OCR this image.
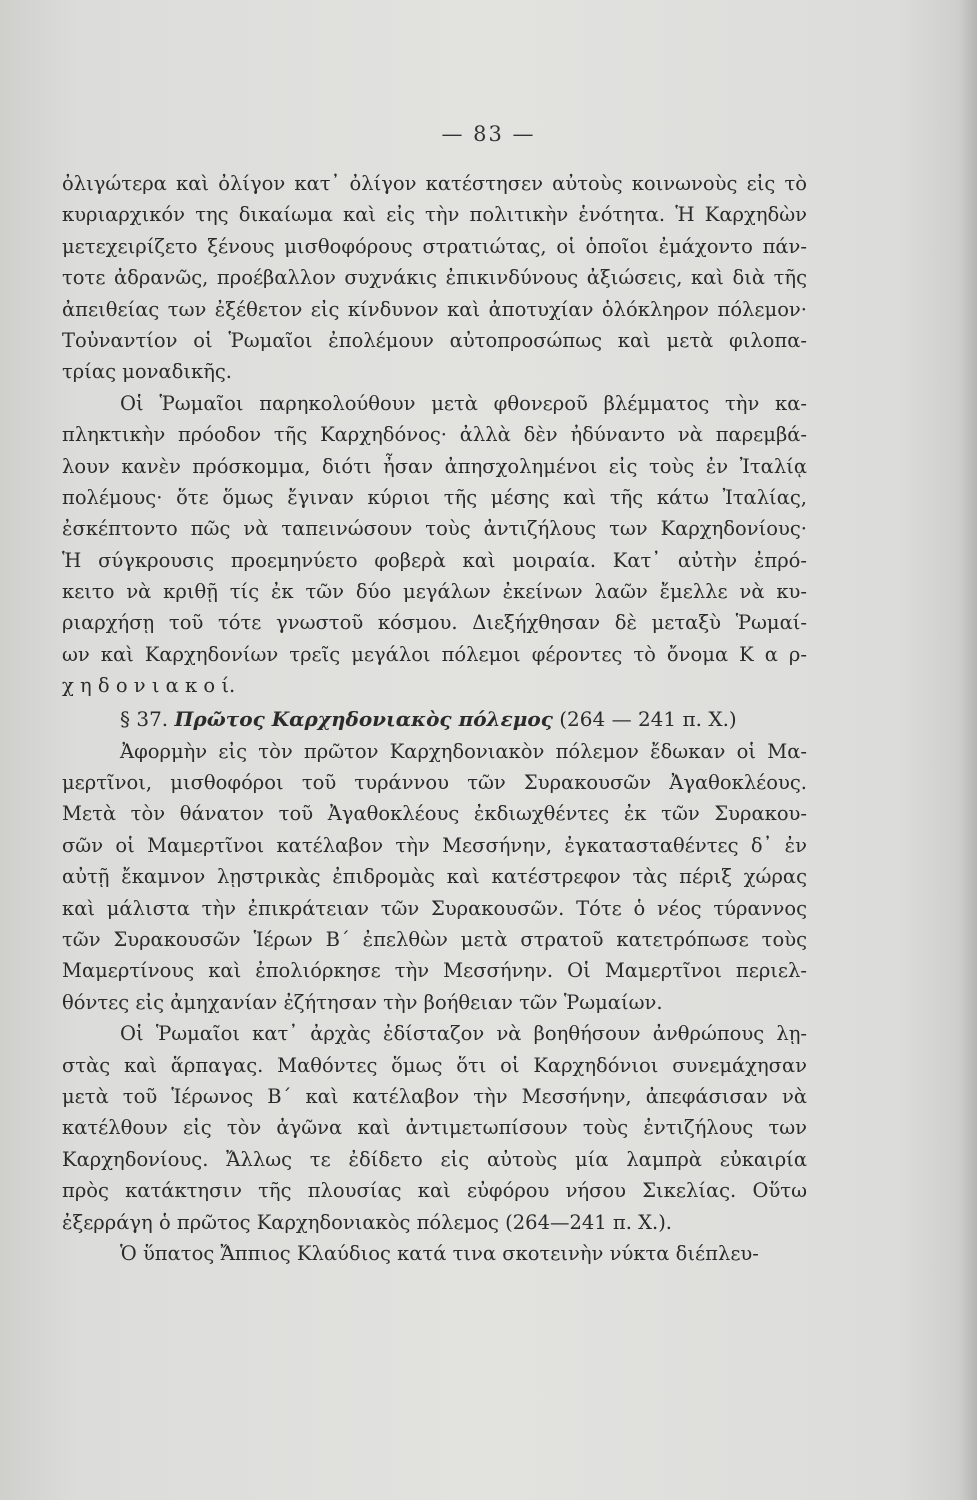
— 83 —
ὀλιγώτερα καὶ ὀλίγον κατ᾿ ὀλίγον κατέστησεν αὐτοὺς κοινωνοὺς εἰς τὸ
κυριαρχικόν της δικαίωμα καὶ εἰς τὴν πολιτικὴν ἑνότητα. Ἡ Καρχηδὼν
μετεχειρίζετο ξένους μισθοφόρους στρατιώτας, οἱ ὁποῖοι ἐμάχοντο πάν-
τοτε ἀδρανῶς, προέβαλλον συχνάκις ἐπικινδύνους ἀξιώσεις, καὶ διὰ τῆς
ἀπειθείας των ἐξέθετον εἰς κίνδυνον καὶ ἀποτυχίαν ὁλόκληρον πόλεμον·
Τοὐναντίον οἱ Ῥωμαῖοι ἐπολέμουν αὐτοπροσώπως καὶ μετὰ φιλοπα-
τρίας μοναδικῆς.
Οἱ Ῥωμαῖοι παρηκολούθουν μετὰ φθονεροῦ βλέμματος τὴν κα-
πληκτικὴν πρόοδον τῆς Καρχηδόνος· ἀλλὰ δὲν ἠδύναντο νὰ παρεμβά-
λουν κανὲν πρόσκομμα, διότι ἦσαν ἀπησχολημένοι εἰς τοὺς ἐν Ἰταλίᾳ
πολέμους· ὅτε ὅμως ἔγιναν κύριοι τῆς μέσης καὶ τῆς κάτω Ἰταλίας,
ἐσκέπτοντο πῶς νὰ ταπεινώσουν τοὺς ἀντιζήλους των Καρχηδονίους·
Ἡ σύγκρουσις προεμηνύετο φοβερὰ καὶ μοιραία. Κατ᾿ αὐτὴν ἐπρό-
κειτο νὰ κριθῇ τίς ἐκ τῶν δύο μεγάλων ἐκείνων λαῶν ἔμελλε νὰ κυ-
ριαρχήσῃ τοῦ τότε γνωστοῦ κόσμου. Διεξήχθησαν δὲ μεταξὺ Ῥωμαί-
ων καὶ Καρχηδονίων τρεῖς μεγάλοι πόλεμοι φέροντες τὸ ὄνομα Κ α ρ-
χ η δ ο ν ι α κ ο ί.
§ 37. Πρῶτος Καρχηδονιακὸς πόλεμος (264 — 241 π. Χ.)
Ἀφορμὴν εἰς τὸν πρῶτον Καρχηδονιακὸν πόλεμον ἔδωκαν οἱ Μα-
μερτῖνοι, μισθοφόροι τοῦ τυράννου τῶν Συρακουσῶν Ἀγαθοκλέους.
Μετὰ τὸν θάνατον τοῦ Ἀγαθοκλέους ἐκδιωχθέντες ἐκ τῶν Συρακου-
σῶν οἱ Μαμερτῖνοι κατέλαβον τὴν Μεσσήνην, ἐγκατασταθέντες δ᾿ ἐν
αὐτῇ ἔκαμνον λῃστρικὰς ἐπιδρομὰς καὶ κατέστρεφον τὰς πέριξ χώρας
καὶ μάλιστα τὴν ἐπικράτειαν τῶν Συρακουσῶν. Τότε ὁ νέος τύραννος
τῶν Συρακουσῶν Ἱέρων Β΄ ἐπελθὼν μετὰ στρατοῦ κατετρόπωσε τοὺς
Μαμερτίνους καὶ ἐπολιόρκησε τὴν Μεσσήνην. Οἱ Μαμερτῖνοι περιελ-
θόντες εἰς ἀμηχανίαν ἐζήτησαν τὴν βοήθειαν τῶν Ῥωμαίων.
Οἱ Ῥωμαῖοι κατ᾿ ἀρχὰς ἐδίσταζον νὰ βοηθήσουν ἀνθρώπους λῃ-
στὰς καὶ ἅρπαγας. Μαθόντες ὅμως ὅτι οἱ Καρχηδόνιοι συνεμάχησαν
μετὰ τοῦ Ἱέρωνος Β΄ καὶ κατέλαβον τὴν Μεσσήνην, ἀπεφάσισαν νὰ
κατέλθουν εἰς τὸν ἀγῶνα καὶ ἀντιμετωπίσουν τοὺς ἐντιζήλους των
Καρχηδονίους. Ἄλλως τε ἐδίδετο εἰς αὐτοὺς μία λαμπρὰ εὐκαιρία
πρὸς κατάκτησιν τῆς πλουσίας καὶ εὐφόρου νήσου Σικελίας. Οὕτω
ἐξερράγη ὁ πρῶτος Καρχηδονιακὸς πόλεμος (264—241 π. Χ.).
Ὁ ὕπατος Ἄππιος Κλαύδιος κατά τινα σκοτεινὴν νύκτα διέπλευ-
